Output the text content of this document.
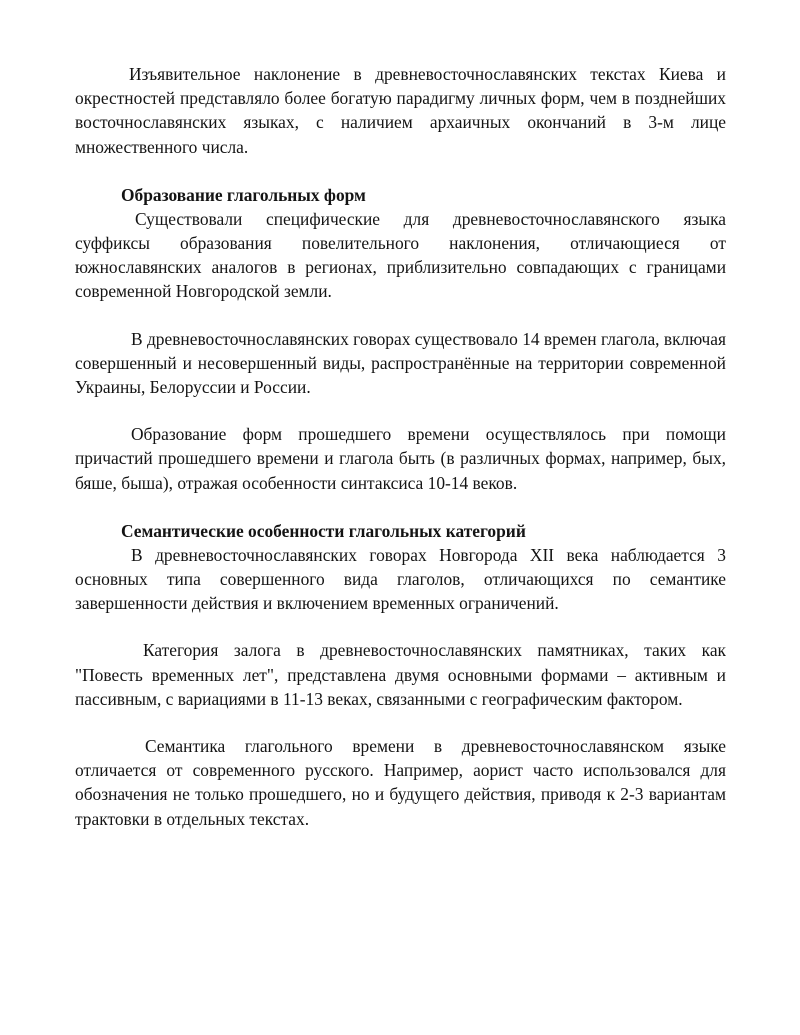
Изъявительное наклонение в древневосточнославянских текстах Киева и окрестностей представляло более богатую парадигму личных форм, чем в позднейших восточнославянских языках, с наличием архаичных окончаний в 3-м лице множественного числа.

Образование глагольных форм

Существовали специфические для древневосточнославянского языка суффиксы образования повелительного наклонения, отличающиеся от южнославянских аналогов в регионах, приблизительно совпадающих с границами современной Новгородской земли.

В древневосточнославянских говорах существовало 14 времен глагола, включая совершенный и несовершенный виды, распространённые на территории современной Украины, Белоруссии и России.

Образование форм прошедшего времени осуществлялось при помощи причастий прошедшего времени и глагола быть (в различных формах, например, бых, бяше, быша), отражая особенности синтаксиса 10-14 веков.

Семантические особенности глагольных категорий

В древневосточнославянских говорах Новгорода XII века наблюдается 3 основных типа совершенного вида глаголов, отличающихся по семантике завершенности действия и включением временных ограничений.

Категория залога в древневосточнославянских памятниках, таких как "Повесть временных лет", представлена двумя основными формами – активным и пассивным, с вариациями в 11-13 веках, связанными с географическим фактором.

Семантика глагольного времени в древневосточнославянском языке отличается от современного русского. Например, аорист часто использовался для обозначения не только прошедшего, но и будущего действия, приводя к 2-3 вариантам трактовки в отдельных текстах.
